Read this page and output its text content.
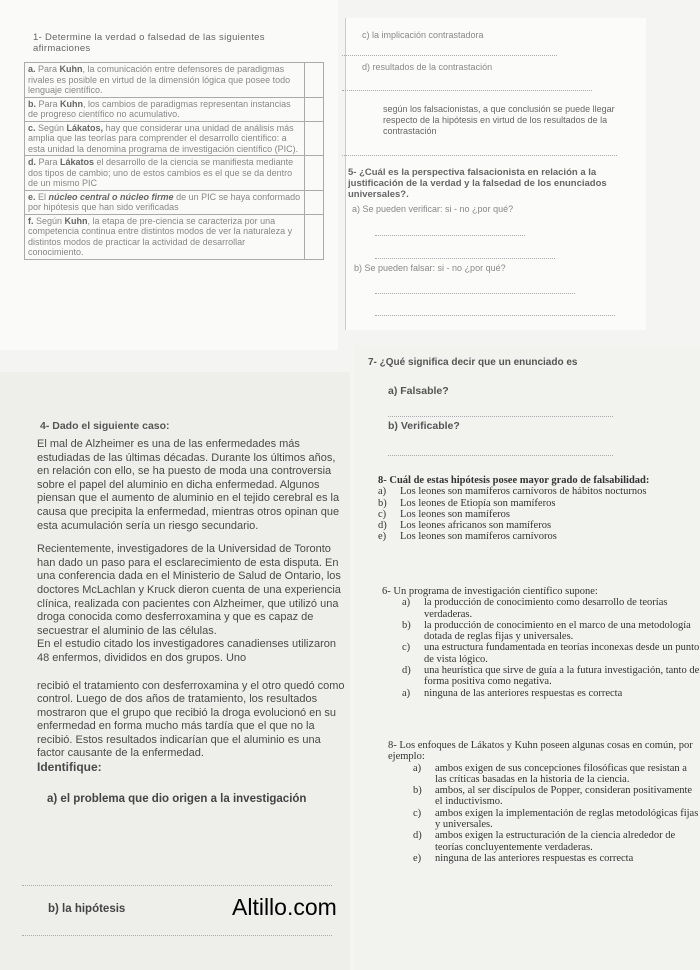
1- Determine la verdad o falsedad de las siguientes afirmaciones
a. Para Kuhn, la comunicación entre defensores de paradigmas rivales es posible en virtud de la dimensión lógica que posee todo lenguaje científico.	
b. Para Kuhn, los cambios de paradigmas representan instancias de progreso científico no acumulativo.	
c. Según Lákatos, hay que considerar una unidad de análisis más amplia que las teorías para comprender el desarrollo científico: a esta unidad la denomina programa de investigación científico (PIC).	
d. Para Lákatos el desarrollo de la ciencia se manifiesta mediante dos tipos de cambio; uno de estos cambios es el que se da dentro de un mismo PIC	
e. El núcleo central o núcleo firme de un PIC se haya conformado por hipótesis que han sido verificadas	
f. Según Kuhn, la etapa de pre-ciencia se caracteriza por una competencia continua entre distintos modos de ver la naturaleza y distintos modos de practicar la actividad de desarrollar conocimiento.	
c) la implicación contrastadora
d) resultados de la contrastación
según los falsacionistas, a que conclusión se puede llegar respecto de la hipótesis en virtud de los resultados de la contrastación
5- ¿Cuál es la perspectiva falsacionista en relación a la justificación de la verdad y la falsedad de los enunciados universales?.
a) Se pueden verificar: si - no ¿por qué?
b) Se pueden falsar: si - no ¿por qué?
4- Dado el siguiente caso:

El mal de Alzheimer es una de las enfermedades más estudiadas de las últimas décadas. Durante los últimos años, en relación con ello, se ha puesto de moda una controversia sobre el papel del aluminio en dicha enfermedad. Algunos piensan que el aumento de aluminio en el tejido cerebral es la causa que precipita la enfermedad, mientras otros opinan que esta acumulación sería un riesgo secundario.

Recientemente, investigadores de la Universidad de Toronto han dado un paso para el esclarecimiento de esta disputa. En una conferencia dada en el Ministerio de Salud de Ontario, los doctores McLachlan y Kruck dieron cuenta de una experiencia clínica, realizada con pacientes con Alzheimer, que utilizó una droga conocida como desferroxamina y que es capaz de secuestrar el aluminio de las células.

En el estudio citado los investigadores canadienses utilizaron 48 enfermos, divididos en dos grupos. Uno

recibió el tratamiento con desferroxamina y el otro quedó como control. Luego de dos años de tratamiento, los resultados mostraron que el grupo que recibió la droga evolucionó en su enfermedad en forma mucho más tardía que el que no la recibió. Estos resultados indicarían que el aluminio es una factor causante de la enfermedad.

Identifique:
a) el problema que dio origen a la investigación
b) la hipótesis	Altillo.com
7- ¿Qué significa decir que un enunciado es
a) Falsable?
b) Verificable?
8- Cuál de estas hipótesis posee mayor grado de falsabilidad:
a)	Los leones son mamíferos carnívoros de hábitos nocturnos
b)	Los leones de Etiopía son mamíferos
c)	Los leones son mamíferos
d)	Los leones africanos son mamíferos
e)	Los leones son mamíferos carnívoros
6- Un programa de investigación científico supone:
a)	la producción de conocimiento como desarrollo de teorías verdaderas.
b)	la producción de conocimiento en el marco de una metodología dotada de reglas fijas y universales.
c)	una estructura fundamentada en teorías inconexas desde un punto de vista lógico.
d)	una heurística que sirve de guía a la futura investigación, tanto de forma positiva como negativa.
a)	ninguna de las anteriores respuestas es correcta
8- Los enfoques de Lákatos y Kuhn poseen algunas cosas en común, por ejemplo:
a)	ambos exigen de sus concepciones filosóficas que resistan a las críticas basadas en la historia de la ciencia.
b)	ambos, al ser discípulos de Popper, consideran positivamente el inductivismo.
c)	ambos exigen la implementación de reglas metodológicas fijas y universales.
d)	ambos exigen la estructuración de la ciencia alrededor de teorías concluyentemente verdaderas.
e)	ninguna de las anteriores respuestas es correcta
